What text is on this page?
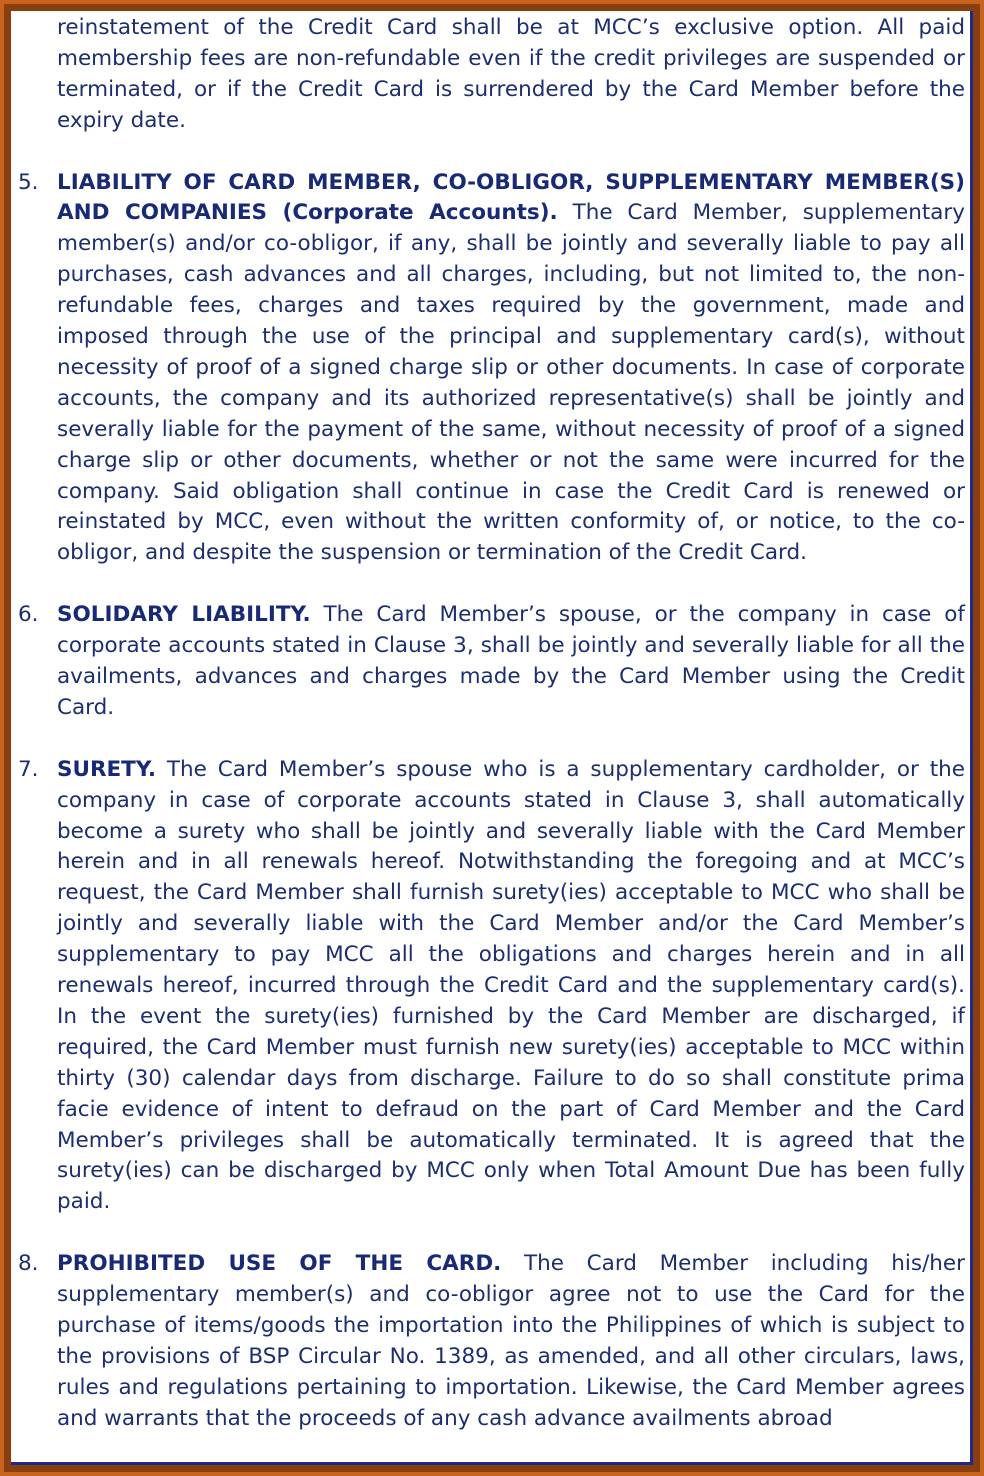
reinstatement of the Credit Card shall be at MCC’s exclusive option. All paid membership fees are non-refundable even if the credit privileges are suspended or terminated, or if the Credit Card is surrendered by the Card Member before the expiry date.

5. LIABILITY OF CARD MEMBER, CO-OBLIGOR, SUPPLEMENTARY MEMBER(S) AND COMPANIES (Corporate Accounts). The Card Member, supplementary member(s) and/or co-obligor, if any, shall be jointly and severally liable to pay all purchases, cash advances and all charges, including, but not limited to, the non-refundable fees, charges and taxes required by the government, made and imposed through the use of the principal and supplementary card(s), without necessity of proof of a signed charge slip or other documents. In case of corporate accounts, the company and its authorized representative(s) shall be jointly and severally liable for the payment of the same, without necessity of proof of a signed charge slip or other documents, whether or not the same were incurred for the company. Said obligation shall continue in case the Credit Card is renewed or reinstated by MCC, even without the written conformity of, or notice, to the co-obligor, and despite the suspension or termination of the Credit Card.

6. SOLIDARY LIABILITY. The Card Member’s spouse, or the company in case of corporate accounts stated in Clause 3, shall be jointly and severally liable for all the availments, advances and charges made by the Card Member using the Credit Card.

7. SURETY. The Card Member’s spouse who is a supplementary cardholder, or the company in case of corporate accounts stated in Clause 3, shall automatically become a surety who shall be jointly and severally liable with the Card Member herein and in all renewals hereof. Notwithstanding the foregoing and at MCC’s request, the Card Member shall furnish surety(ies) acceptable to MCC who shall be jointly and severally liable with the Card Member and/or the Card Member’s supplementary to pay MCC all the obligations and charges herein and in all renewals hereof, incurred through the Credit Card and the supplementary card(s). In the event the surety(ies) furnished by the Card Member are discharged, if required, the Card Member must furnish new surety(ies) acceptable to MCC within thirty (30) calendar days from discharge. Failure to do so shall constitute prima facie evidence of intent to defraud on the part of Card Member and the Card Member’s privileges shall be automatically terminated. It is agreed that the surety(ies) can be discharged by MCC only when Total Amount Due has been fully paid.

8. PROHIBITED USE OF THE CARD. The Card Member including his/her supplementary member(s) and co-obligor agree not to use the Card for the purchase of items/goods the importation into the Philippines of which is subject to the provisions of BSP Circular No. 1389, as amended, and all other circulars, laws, rules and regulations pertaining to importation. Likewise, the Card Member agrees and warrants that the proceeds of any cash advance availments abroad
